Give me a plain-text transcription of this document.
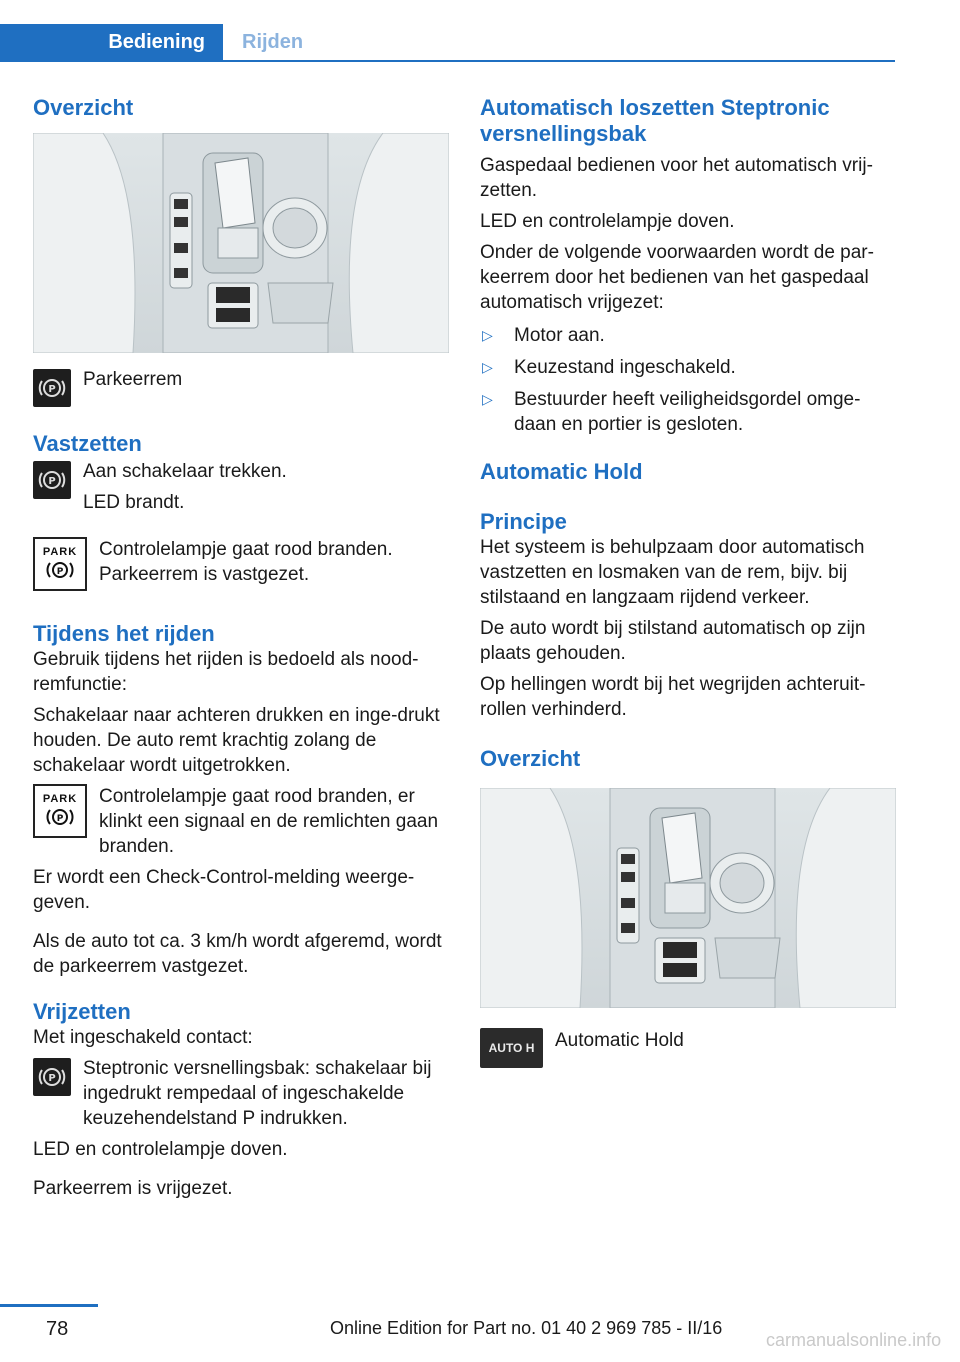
Bediening	Rijden
Overzicht
P Parkeerrem

Vastzetten
P Aan schakelaar trekken.

LED brandt.

PARK
P

Controlelampje gaat rood branden. Parkeerrem is vastgezet.

Tijdens het rijden

Gebruik tijdens het rijden is bedoeld als nood-remfunctie:

Schakelaar naar achteren drukken en inge-drukt houden. De auto remt krachtig zolang de schakelaar wordt uitgetrokken.

PARK
P

Controlelampje gaat rood branden, er klinkt een signaal en de remlichten gaan branden.

Er wordt een Check-Control-melding weerge-geven.

Als de auto tot ca. 3 km/h wordt afgeremd, wordt de parkeerrem vastgezet.

Vrijzetten

Met ingeschakeld contact:

P Steptronic versnellingsbak: schakelaar bij ingedrukt rempedaal of ingeschakelde keuzehendelstand P indrukken.

LED en controlelampje doven.

Parkeerrem is vrijgezet.

Automatisch loszetten Steptronic versnellingsbak

Gaspedaal bedienen voor het automatisch vrij-zetten.

LED en controlelampje doven.

Onder de volgende voorwaarden wordt de par-keerrem door het bedienen van het gaspedaal automatisch vrijgezet:

▷	Motor aan.
▷	Keuzestand ingeschakeld.
▷	Bestuurder heeft veiligheidsgordel omge-daan en portier is gesloten.
Automatic Hold
Principe

Het systeem is behulpzaam door automatisch vastzetten en losmaken van de rem, bijv. bij stilstaand en langzaam rijdend verkeer.

De auto wordt bij stilstand automatisch op zijn plaats gehouden.

Op hellingen wordt bij het wegrijden achteruit-rollen verhinderd.

Overzicht
AUTO H	Automatic Hold

78	Online Edition for Part no. 01 40 2 969 785 - II/16
carmanualsonline.info
